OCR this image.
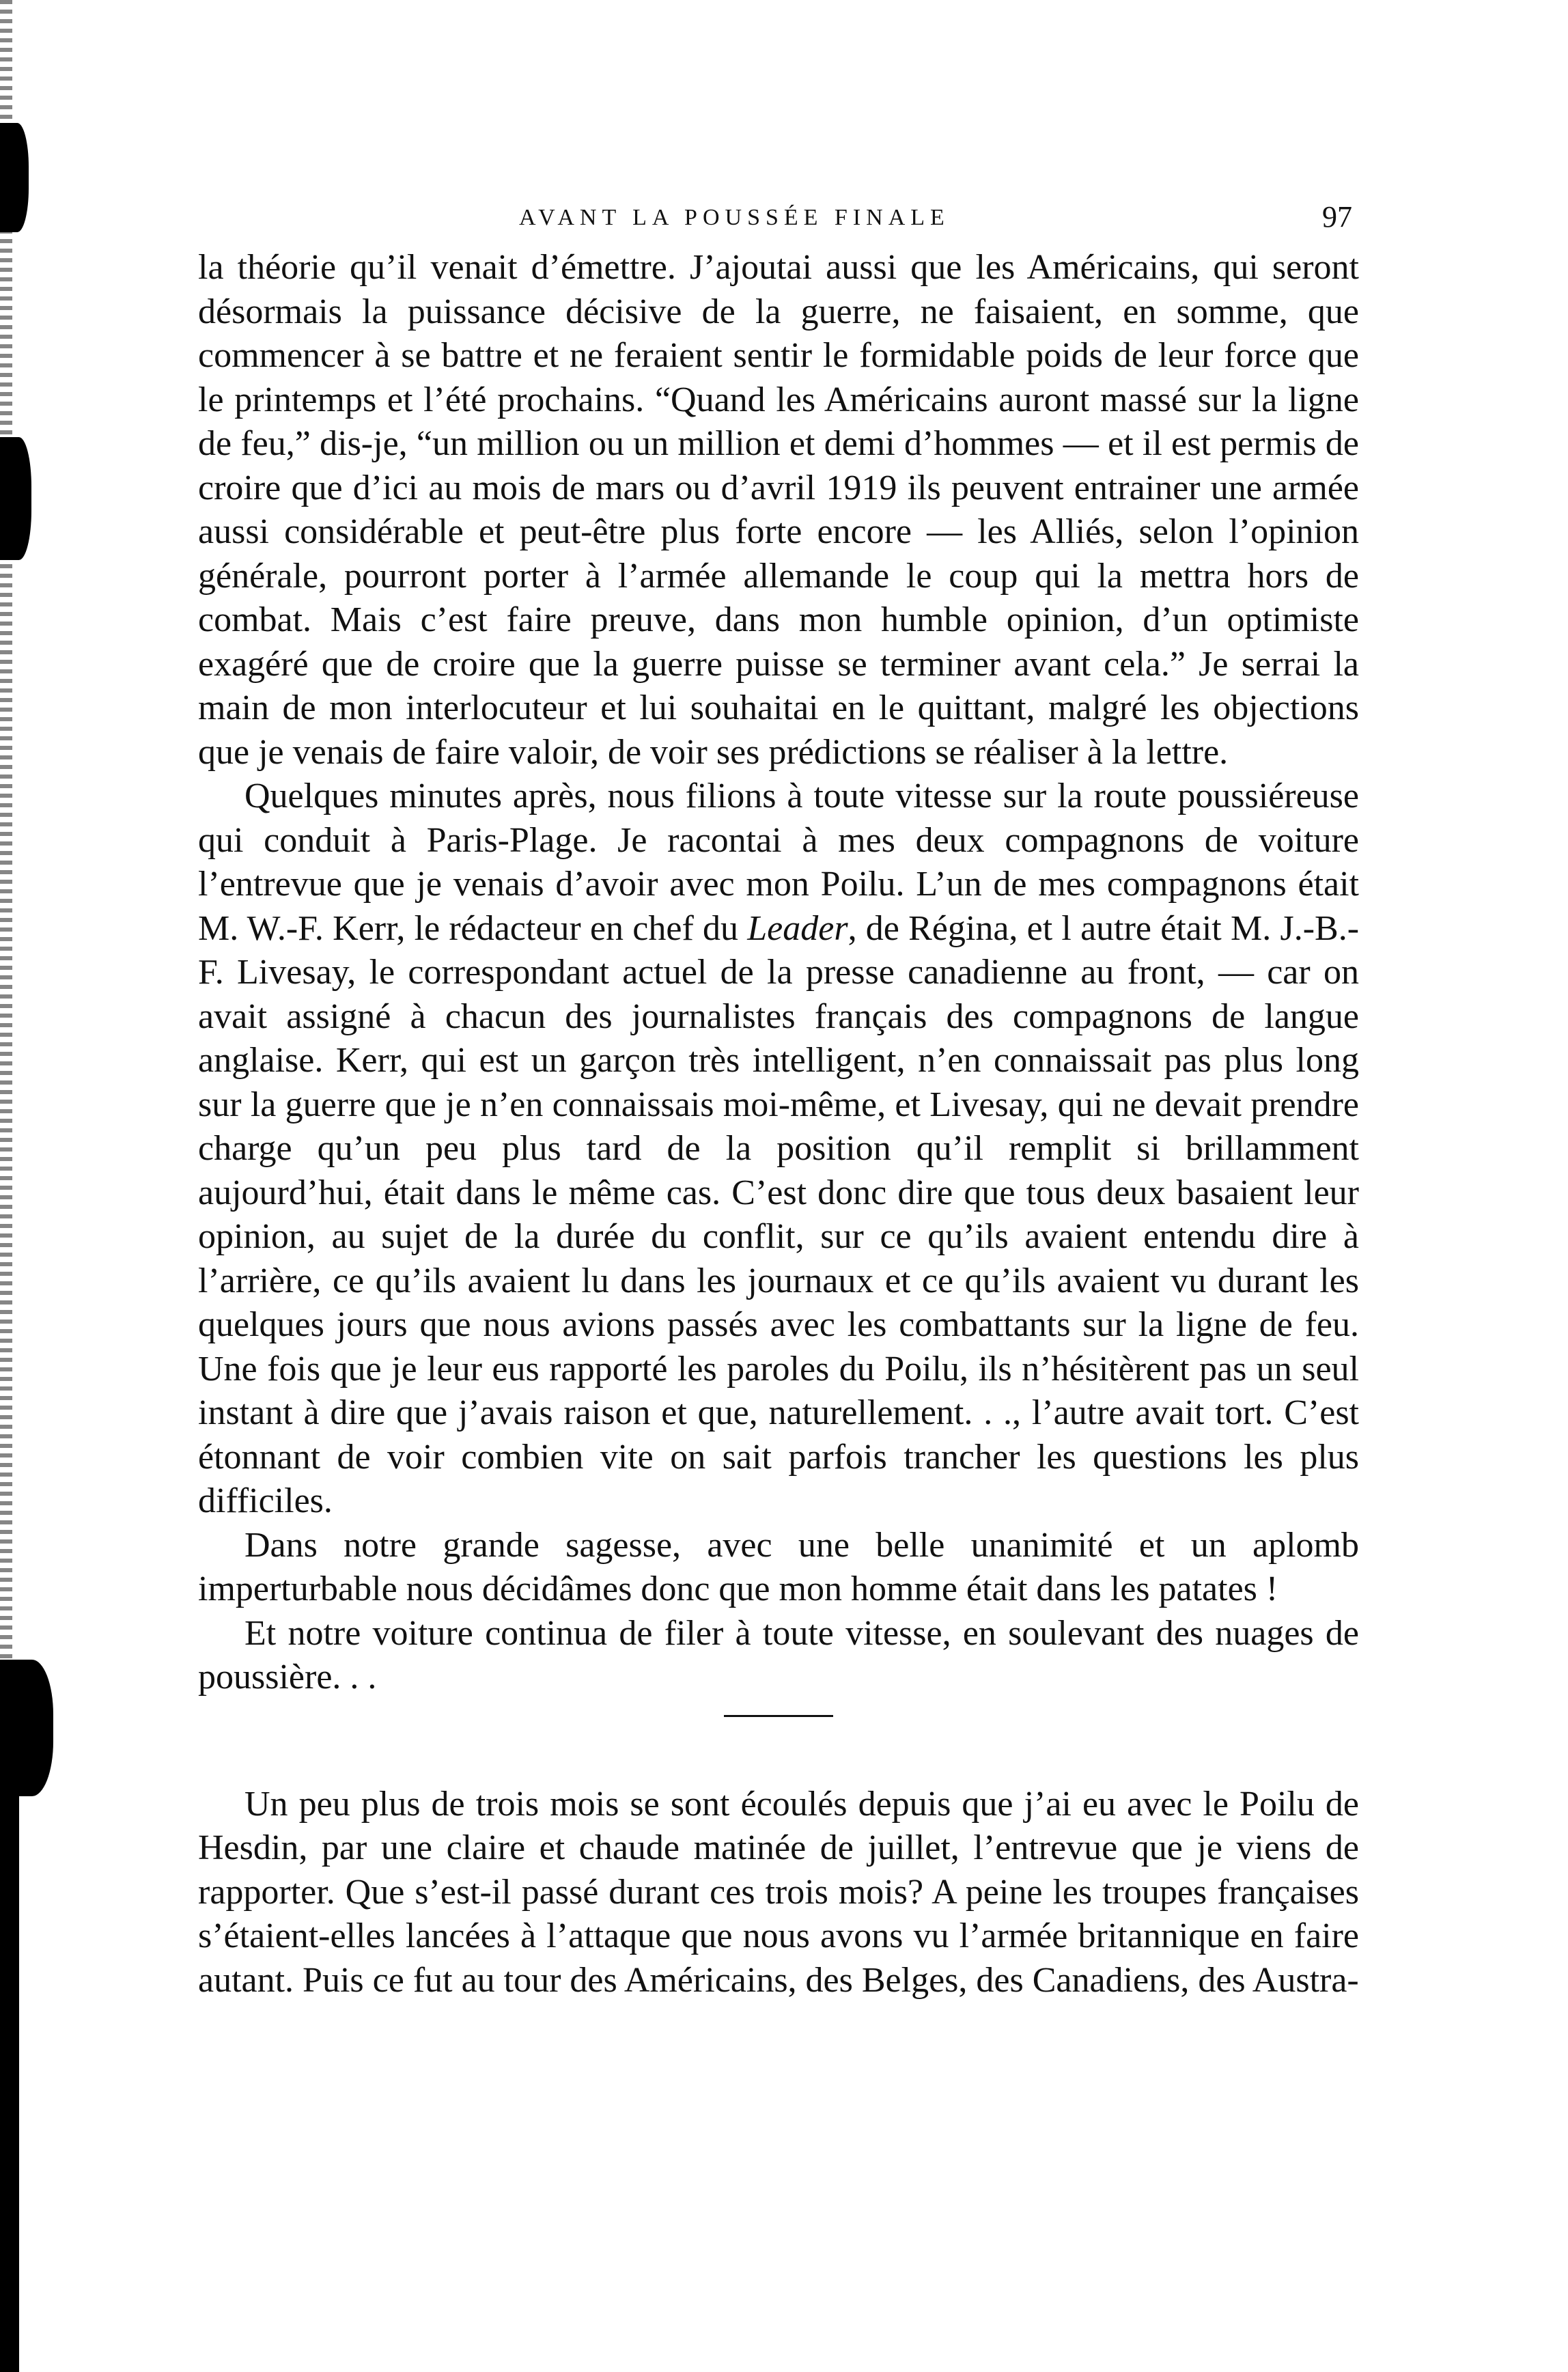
AVANT LA POUSSÉE FINALE	97

la théorie qu’il venait d’émettre. J’ajoutai aussi que les Américains, qui seront désormais la puissance décisive de la guerre, ne faisaient, en somme, que commencer à se battre et ne feraient sentir le formidable poids de leur force que le printemps et l’été prochains. “Quand les Américains auront massé sur la ligne de feu,” dis-je, “un million ou un million et demi d’hommes — et il est permis de croire que d’ici au mois de mars ou d’avril 1919 ils peuvent entrainer une armée aussi considérable et peut-être plus forte encore — les Alliés, selon l’opinion générale, pourront porter à l’armée allemande le coup qui la mettra hors de combat. Mais c’est faire preuve, dans mon humble opinion, d’un optimiste exagéré que de croire que la guerre puisse se terminer avant cela.” Je serrai la main de mon interlocuteur et lui souhaitai en le quittant, malgré les objections que je venais de faire valoir, de voir ses prédictions se réaliser à la lettre.

Quelques minutes après, nous filions à toute vitesse sur la route poussiéreuse qui conduit à Paris-Plage. Je racontai à mes deux compagnons de voiture l’entrevue que je venais d’avoir avec mon Poilu. L’un de mes compagnons était M. W.-F. Kerr, le rédacteur en chef du Leader, de Régina, et l autre était M. J.-B.-F. Livesay, le correspondant actuel de la presse canadienne au front, — car on avait assigné à chacun des journalistes français des compagnons de langue anglaise. Kerr, qui est un garçon très intelligent, n’en connaissait pas plus long sur la guerre que je n’en connaissais moi-même, et Livesay, qui ne devait prendre charge qu’un peu plus tard de la position qu’il remplit si brillamment aujourd’hui, était dans le même cas. C’est donc dire que tous deux basaient leur opinion, au sujet de la durée du conflit, sur ce qu’ils avaient entendu dire à l’arrière, ce qu’ils avaient lu dans les journaux et ce qu’ils avaient vu durant les quelques jours que nous avions passés avec les combattants sur la ligne de feu. Une fois que je leur eus rapporté les paroles du Poilu, ils n’hésitèrent pas un seul instant à dire que j’avais raison et que, naturellement. . ., l’autre avait tort. C’est étonnant de voir combien vite on sait parfois trancher les questions les plus difficiles.

Dans notre grande sagesse, avec une belle unanimité et un aplomb imperturbable nous décidâmes donc que mon homme était dans les patates !

Et notre voiture continua de filer à toute vitesse, en soulevant des nuages de poussière. . .

Un peu plus de trois mois se sont écoulés depuis que j’ai eu avec le Poilu de Hesdin, par une claire et chaude matinée de juillet, l’entrevue que je viens de rapporter. Que s’est-il passé durant ces trois mois? A peine les troupes françaises s’étaient-elles lancées à l’attaque que nous avons vu l’armée britannique en faire autant. Puis ce fut au tour des Américains, des Belges, des Canadiens, des Austra-
